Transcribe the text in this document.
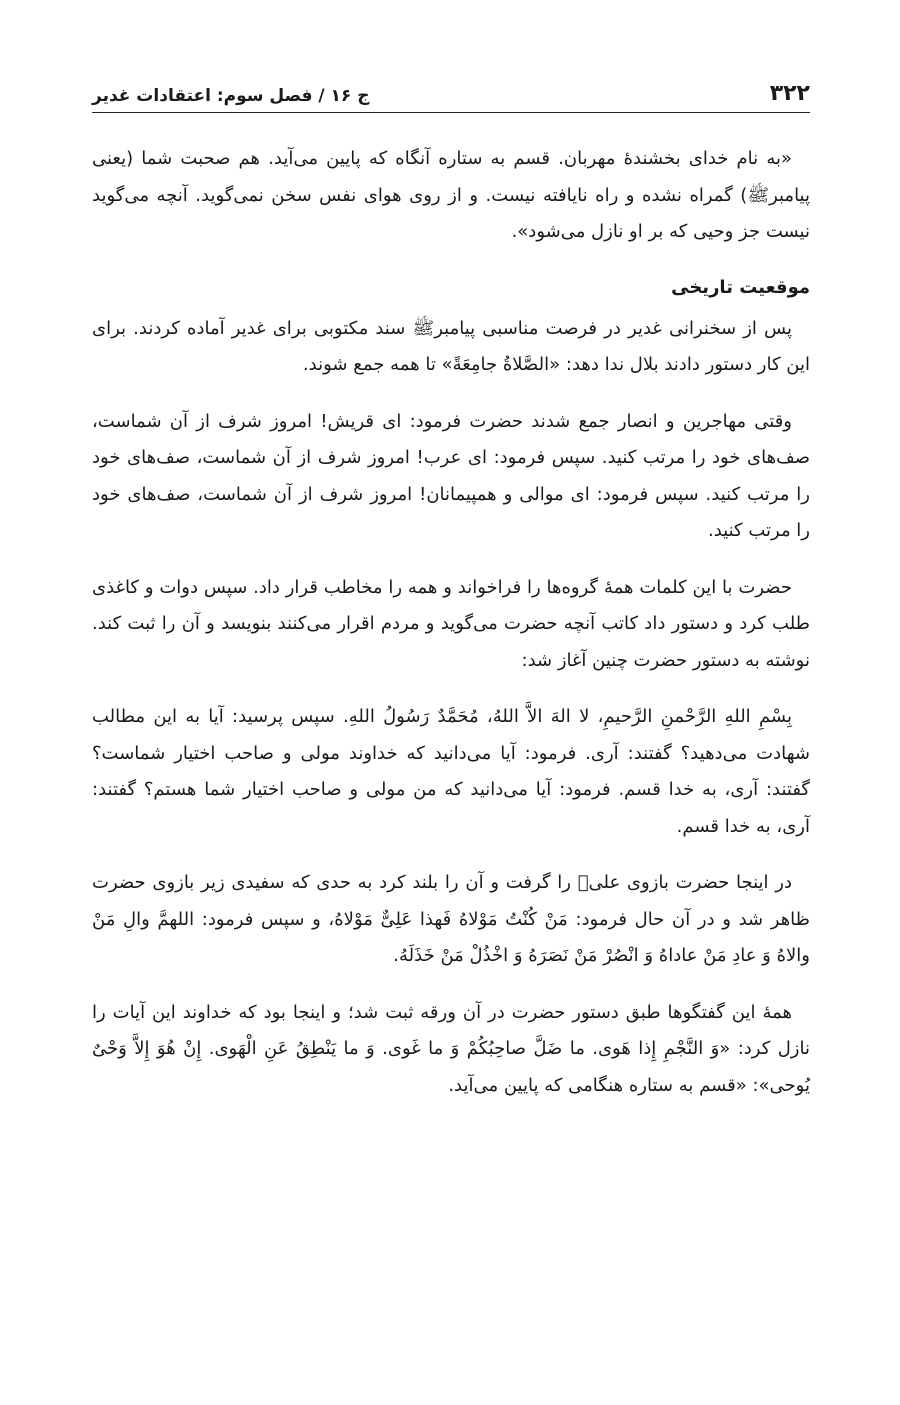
۳۲۲
ج ۱۶ / فصل سوم: اعتقادات غدیر

«به نام خدای بخشندهٔ مهربان. قسم به ستاره آنگاه که پایین می‌آید. هم صحبت شما (یعنی پیامبرﷺ) گمراه نشده و راه نایافته نیست. و از روی هوای نفس سخن نمی‌گوید. آنچه می‌گوید نیست جز وحیی که بر او نازل می‌شود».

موقعیت تاریخی

پس از سخنرانی غدیر در فرصت مناسبی پیامبرﷺ سند مکتوبی برای غدیر آماده کردند. برای این کار دستور دادند بلال ندا دهد: «الصَّلاةُ جامِعَةً» تا همه جمع شوند.

وقتی مهاجرین و انصار جمع شدند حضرت فرمود: ای قریش! امروز شرف از آن شماست، صف‌های خود را مرتب کنید. سپس فرمود: ای عرب! امروز شرف از آن شماست، صف‌های خود را مرتب کنید. سپس فرمود: ای موالی و همپیمانان! امروز شرف از آن شماست، صف‌های خود را مرتب کنید.

حضرت با این کلمات همهٔ گروه‌ها را فراخواند و همه را مخاطب قرار داد. سپس دوات و کاغذی طلب کرد و دستور داد کاتب آنچه حضرت می‌گوید و مردم اقرار می‌کنند بنویسد و آن را ثبت کند. نوشته به دستور حضرت چنین آغاز شد:

بِسْمِ اللهِ الرَّحْمنِ الرَّحیمِ، لا الهَ الاَّ اللهُ، مُحَمَّدٌ رَسُولُ اللهِ. سپس پرسید: آیا به این مطالب شهادت می‌دهید؟ گفتند: آری. فرمود: آیا می‌دانید که خداوند مولی و صاحب اختیار شماست؟ گفتند: آری، به خدا قسم. فرمود: آیا می‌دانید که من مولی و صاحب اختیار شما هستم؟ گفتند: آری، به خدا قسم.

در اینجا حضرت بازوی علیؑ را گرفت و آن را بلند کرد به حدی که سفیدی زیر بازوی حضرت ظاهر شد و در آن حال فرمود: مَنْ کُنْتُ مَوْلاهُ فَهذا عَلِیٌّ مَوْلاهُ، و سپس فرمود: اللهمَّ والِ مَنْ والاهُ وَ عادِ مَنْ عاداهُ وَ انْصُرْ مَنْ نَصَرَهُ وَ اخْذُلْ مَنْ خَذَلَهُ.

همهٔ این گفتگوها طبق دستور حضرت در آن ورقه ثبت شد؛ و اینجا بود که خداوند این آیات را نازل کرد: «وَ النَّجْمِ إِذا هَوی. ما ضَلَّ صاحِبُکُمْ وَ ما غَوی. وَ ما یَنْطِقُ عَنِ الْهَوی. إِنْ هُوَ إِلاَّ وَحْیٌ یُوحی»: «قسم به ستاره هنگامی که پایین می‌آید.
